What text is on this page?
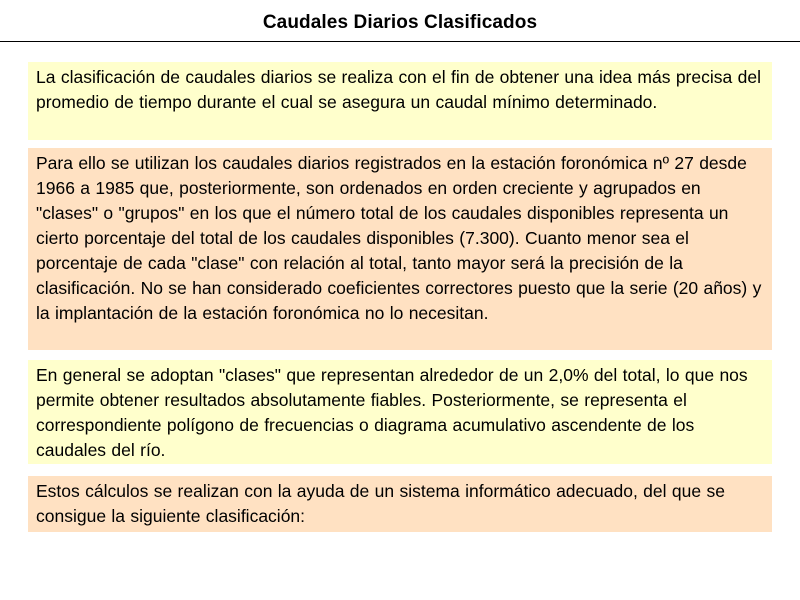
Caudales Diarios Clasificados
La clasificación de caudales diarios se realiza con el fin de obtener una idea más precisa del promedio de tiempo durante el cual se asegura un caudal mínimo determinado.
Para ello se utilizan los caudales diarios registrados en la estación foronómica nº 27 desde 1966 a 1985 que, posteriormente, son ordenados en orden creciente y agrupados en "clases" o "grupos" en los que el número total de los caudales disponibles representa un cierto porcentaje del total de los caudales disponibles (7.300). Cuanto menor sea el porcentaje de cada "clase" con relación al total, tanto mayor será la precisión de la clasificación. No se han considerado coeficientes correctores puesto que la serie (20 años) y la implantación de la estación foronómica no lo necesitan.
En general se adoptan "clases" que representan alrededor de un 2,0% del total, lo que nos permite obtener resultados absolutamente fiables. Posteriormente, se representa el correspondiente polígono de frecuencias o diagrama acumulativo ascendente de los caudales del río.
Estos cálculos se realizan con la ayuda de un sistema informático adecuado, del que se consigue la siguiente clasificación:
